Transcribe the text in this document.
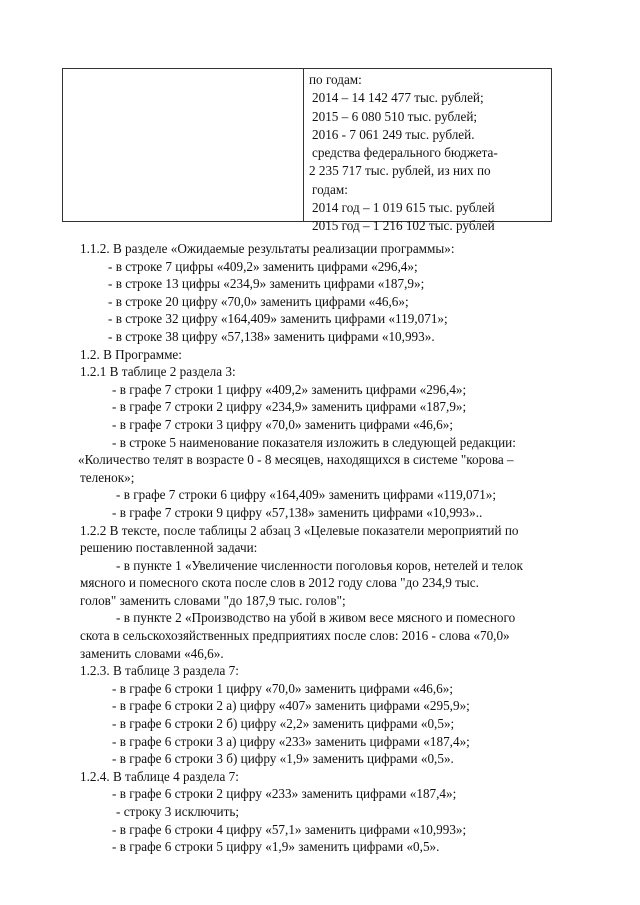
по годам:
2014 – 14 142 477 тыс. рублей;
2015 – 6 080 510 тыс. рублей;
2016 - 7 061 249 тыс. рублей.
средства федерального бюджета-
2 235 717 тыс. рублей, из них по
годам:
2014 год – 1 019 615 тыс. рублей
2015 год – 1 216 102 тыс. рублей
1.1.2. В разделе «Ожидаемые результаты реализации программы»:
- в строке 7 цифры «409,2» заменить цифрами «296,4»;
- в строке 13 цифры «234,9» заменить цифрами «187,9»;
- в строке 20 цифру «70,0» заменить цифрами «46,6»;
- в строке 32 цифру «164,409» заменить цифрами «119,071»;
- в строке 38 цифру «57,138» заменить цифрами «10,993».
1.2. В Программе:
1.2.1 В таблице 2 раздела 3:
- в графе 7 строки 1 цифру «409,2» заменить цифрами «296,4»;
- в графе 7 строки 2 цифру «234,9» заменить цифрами «187,9»;
- в графе 7 строки 3 цифру «70,0» заменить цифрами «46,6»;
- в строке 5 наименование показателя изложить в следующей редакции:
«Количество телят в возрасте 0 - 8 месяцев, находящихся в системе "корова –
теленок»;
- в графе 7 строки 6 цифру «164,409» заменить цифрами «119,071»;
- в графе 7 строки 9 цифру «57,138» заменить цифрами «10,993»..
1.2.2 В тексте, после таблицы 2 абзац 3 «Целевые показатели мероприятий по
решению поставленной задачи:
- в пункте 1 «Увеличение численности поголовья коров, нетелей и телок
мясного и помесного скота после слов в 2012 году слова "до 234,9 тыс.
голов" заменить словами "до 187,9 тыс. голов";
- в пункте 2 «Производство на убой в живом весе мясного и помесного
скота в сельскохозяйственных предприятиях после слов: 2016 - слова «70,0»
заменить словами «46,6».
1.2.3. В таблице 3 раздела 7:
- в графе 6 строки 1 цифру «70,0» заменить цифрами «46,6»;
- в графе 6 строки 2 а) цифру «407» заменить цифрами «295,9»;
- в графе 6 строки 2 б) цифру «2,2» заменить цифрами «0,5»;
- в графе 6 строки 3 а) цифру «233» заменить цифрами «187,4»;
- в графе 6 строки 3 б) цифру «1,9» заменить цифрами «0,5».
1.2.4. В таблице 4 раздела 7:
- в графе 6 строки 2 цифру «233» заменить цифрами «187,4»;
- строку 3 исключить;
- в графе 6 строки 4 цифру «57,1» заменить цифрами «10,993»;
- в графе 6 строки 5 цифру «1,9» заменить цифрами «0,5».
